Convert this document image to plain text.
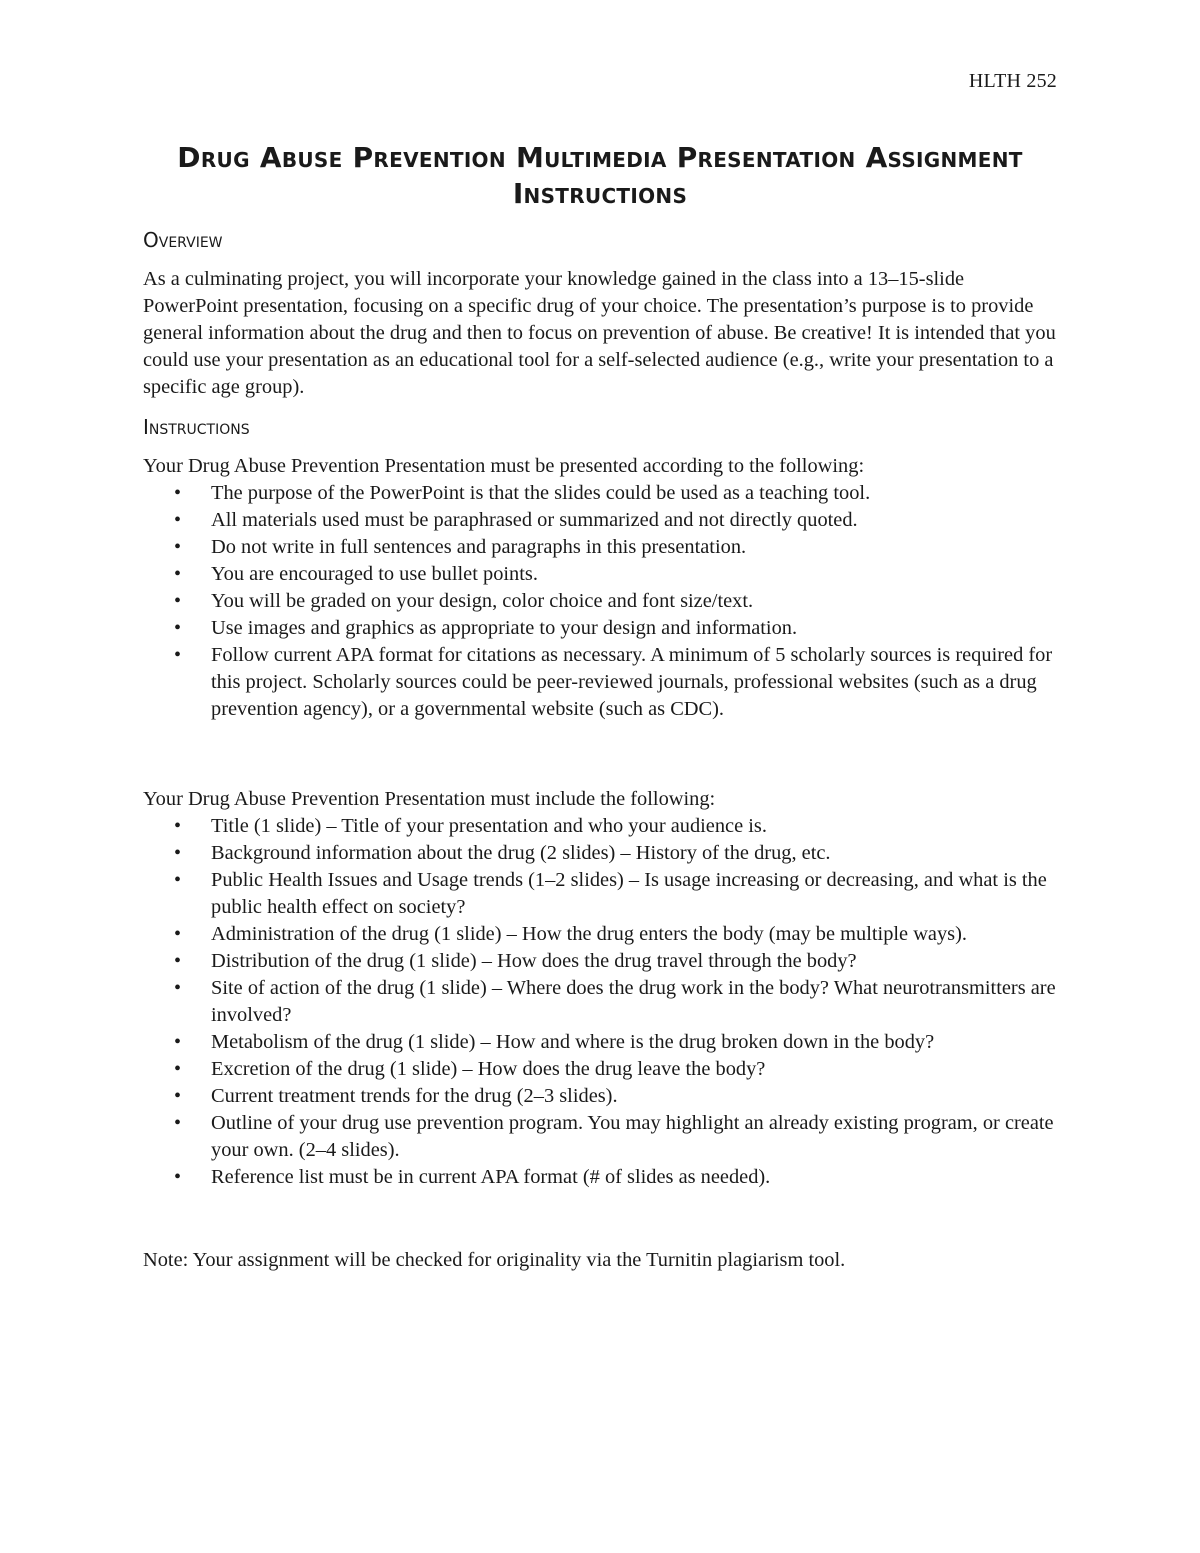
HLTH 252
Drug Abuse Prevention Multimedia Presentation Assignment Instructions
Overview
As a culminating project, you will incorporate your knowledge gained in the class into a 13–15-slide PowerPoint presentation, focusing on a specific drug of your choice. The presentation’s purpose is to provide general information about the drug and then to focus on prevention of abuse. Be creative! It is intended that you could use your presentation as an educational tool for a self-selected audience (e.g., write your presentation to a specific age group).
Instructions
Your Drug Abuse Prevention Presentation must be presented according to the following:
• The purpose of the PowerPoint is that the slides could be used as a teaching tool.
• All materials used must be paraphrased or summarized and not directly quoted.
• Do not write in full sentences and paragraphs in this presentation.
• You are encouraged to use bullet points.
• You will be graded on your design, color choice and font size/text.
• Use images and graphics as appropriate to your design and information.
• Follow current APA format for citations as necessary. A minimum of 5 scholarly sources is required for this project. Scholarly sources could be peer-reviewed journals, professional websites (such as a drug prevention agency), or a governmental website (such as CDC).
Your Drug Abuse Prevention Presentation must include the following:
• Title (1 slide) – Title of your presentation and who your audience is.
• Background information about the drug (2 slides) – History of the drug, etc.
• Public Health Issues and Usage trends (1–2 slides) – Is usage increasing or decreasing, and what is the public health effect on society?
• Administration of the drug (1 slide) – How the drug enters the body (may be multiple ways).
• Distribution of the drug (1 slide) – How does the drug travel through the body?
• Site of action of the drug (1 slide) – Where does the drug work in the body? What neurotransmitters are involved?
• Metabolism of the drug (1 slide) – How and where is the drug broken down in the body?
• Excretion of the drug (1 slide) – How does the drug leave the body?
• Current treatment trends for the drug (2–3 slides).
• Outline of your drug use prevention program. You may highlight an already existing program, or create your own. (2–4 slides).
• Reference list must be in current APA format (# of slides as needed).
Note: Your assignment will be checked for originality via the Turnitin plagiarism tool.
